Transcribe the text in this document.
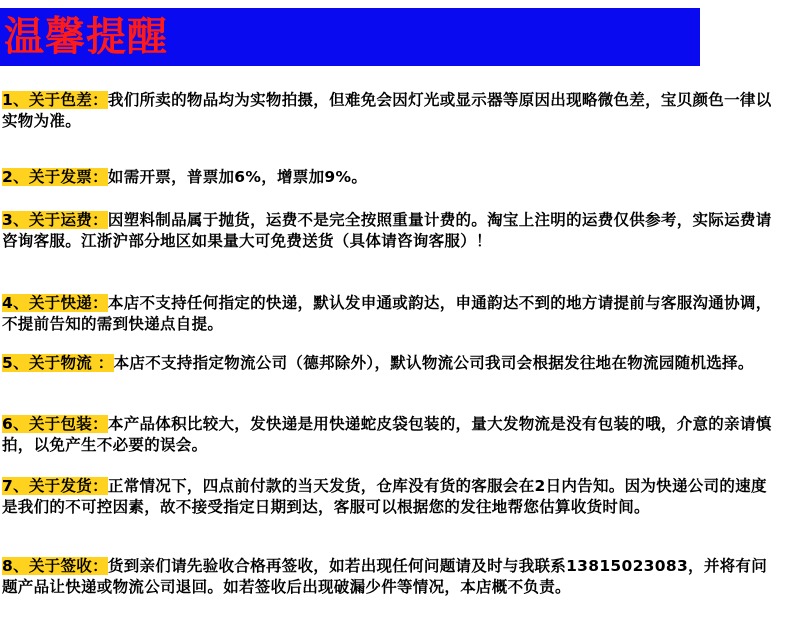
温馨提醒
1、关于色差：我们所卖的物品均为实物拍摄，但难免会因灯光或显示器等原因出现略微色差，宝贝颜色一律以实物为准。
2、关于发票：如需开票，普票加6%，增票加9%。
3、关于运费：因塑料制品属于抛货，运费不是完全按照重量计费的。淘宝上注明的运费仅供参考，实际运费请咨询客服。江浙沪部分地区如果量大可免费送货（具体请咨询客服）！
4、关于快递：本店不支持任何指定的快递，默认发申通或韵达，申通韵达不到的地方请提前与客服沟通协调，不提前告知的需到快递点自提。
5、关于物流 ：本店不支持指定物流公司（德邦除外），默认物流公司我司会根据发往地在物流园随机选择。
6、关于包装：本产品体积比较大，发快递是用快递蛇皮袋包装的，量大发物流是没有包装的哦，介意的亲请慎拍，以免产生不必要的误会。
7、关于发货：正常情况下，四点前付款的当天发货，仓库没有货的客服会在2日内告知。因为快递公司的速度是我们的不可控因素，故不接受指定日期到达，客服可以根据您的发往地帮您估算收货时间。
8、关于签收：货到亲们请先验收合格再签收，如若出现任何问题请及时与我联系13815023083，并将有问题产品让快递或物流公司退回。如若签收后出现破漏少件等情况，本店概不负责。
